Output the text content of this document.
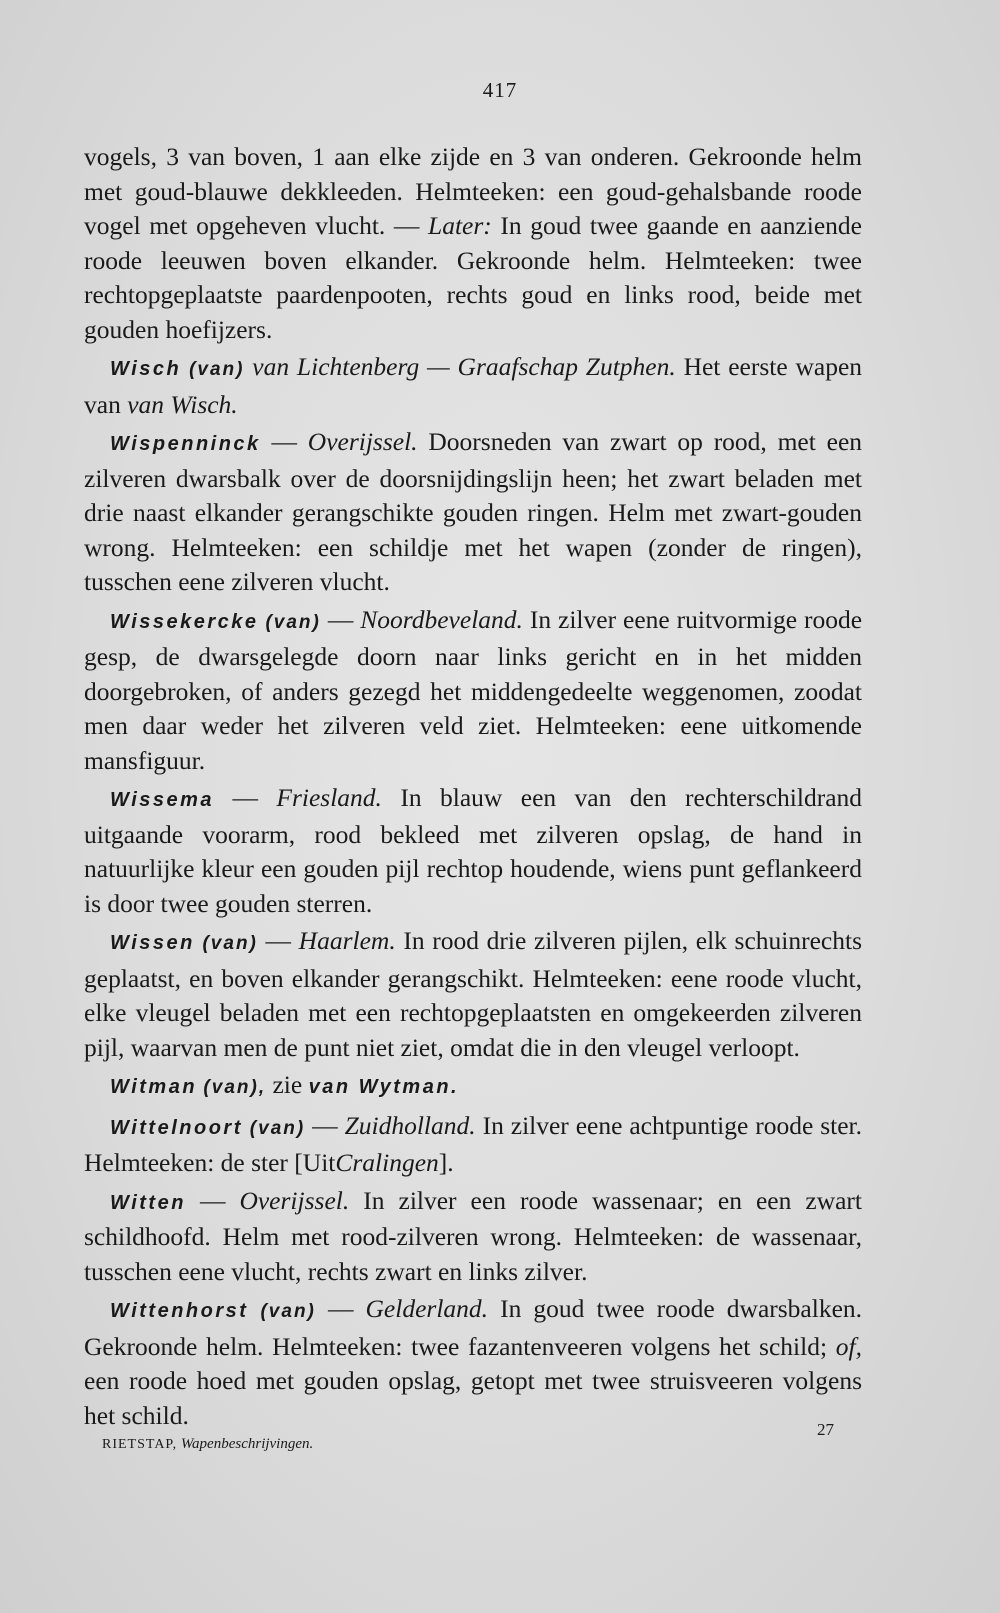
417

vogels, 3 van boven, 1 aan elke zijde en 3 van onderen. Gekroonde helm met goud-blauwe dekkleeden. Helmteeken: een goud-gehalsbande roode vogel met opgeheven vlucht. — Later: In goud twee gaande en aanziende roode leeuwen boven elkander. Gekroonde helm. Helmteeken: twee rechtopgeplaatste paardenpooten, rechts goud en links rood, beide met gouden hoefijzers.

Wisch (van) van Lichtenberg — Graafschap Zutphen. Het eerste wapen van van Wisch.

Wispenninck — Overijssel. Doorsneden van zwart op rood, met een zilveren dwarsbalk over de doorsnijdingslijn heen; het zwart beladen met drie naast elkander gerangschikte gouden ringen. Helm met zwart-gouden wrong. Helmteeken: een schildje met het wapen (zonder de ringen), tusschen eene zilveren vlucht.

Wissekercke (van) — Noordbeveland. In zilver eene ruitvormige roode gesp, de dwarsgelegde doorn naar links gericht en in het midden doorgebroken, of anders gezegd het middengedeelte weggenomen, zoodat men daar weder het zilveren veld ziet. Helmteeken: eene uitkomende mansfiguur.

Wissema — Friesland. In blauw een van den rechterschildrand uitgaande voorarm, rood bekleed met zilveren opslag, de hand in natuurlijke kleur een gouden pijl rechtop houdende, wiens punt geflankeerd is door twee gouden sterren.

Wissen (van) — Haarlem. In rood drie zilveren pijlen, elk schuinrechts geplaatst, en boven elkander gerangschikt. Helmteeken: eene roode vlucht, elke vleugel beladen met een rechtopgeplaatsten en omgekeerden zilveren pijl, waarvan men de punt niet ziet, omdat die in den vleugel verloopt.

Witman (van), zie van Wytman.

Wittelnoort (van) — Zuidholland. In zilver eene achtpuntige roode ster. Helmteeken: de ster [UitCralingen].

Witten — Overijssel. In zilver een roode wassenaar; en een zwart schildhoofd. Helm met rood-zilveren wrong. Helmteeken: de wassenaar, tusschen eene vlucht, rechts zwart en links zilver.

Wittenhorst (van) — Gelderland. In goud twee roode dwarsbalken. Gekroonde helm. Helmteeken: twee fazantenveeren volgens het schild; of, een roode hoed met gouden opslag, getopt met twee struisveeren volgens het schild.

RIETSTAP, Wapenbeschrijvingen.
27
